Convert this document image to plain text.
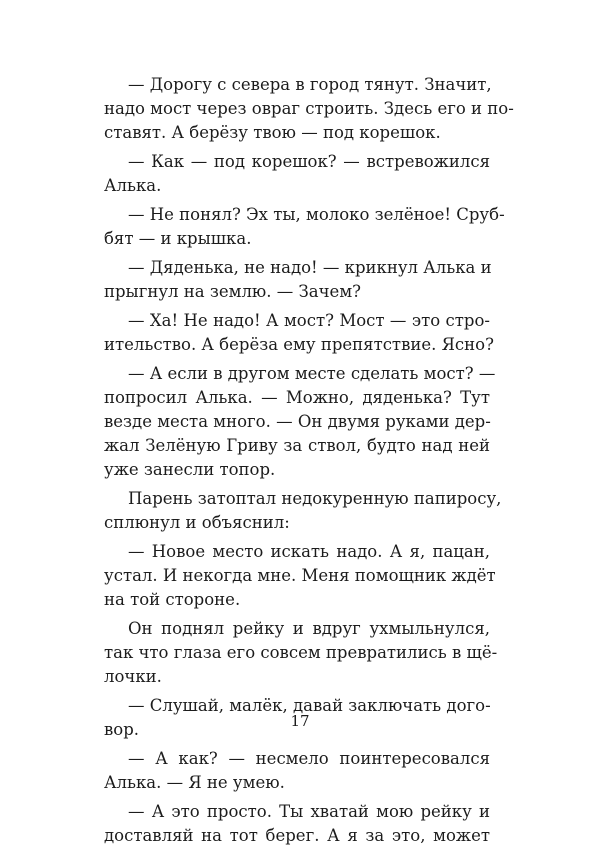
— Дорогу с севера в город тянут. Значит,
надо мост через овраг строить. Здесь его и по-
ставят. А берёзу твою — под корешок.
— Как — под корешок? — встревожился
Алька.
— Не понял? Эх ты, молоко зелёное! Сруб-
бят — и крышка.
— Дяденька, не надо! — крикнул Алька и
прыгнул на землю. — Зачем?
— Ха! Не надо! А мост? Мост — это стро-
ительство. А берёза ему препятствие. Ясно?
— А если в другом месте сделать мост? —
попросил Алька. — Можно, дяденька? Тут
везде места много. — Он двумя руками дер-
жал Зелёную Гриву за ствол, будто над ней
уже занесли топор.
Парень затоптал недокуренную папиросу,
сплюнул и объяснил:
— Новое место искать надо. А я, пацан,
устал. И некогда мне. Меня помощник ждёт
на той стороне.
Он поднял рейку и вдруг ухмыльнулся,
так что глаза его совсем превратились в щё-
лочки.
— Слушай, малёк, давай заключать дого-
вор.
— А как? — несмело поинтересовался
Алька. — Я не умею.
— А это просто. Ты хватай мою рейку и
доставляй на тот берег. А я за это, может
17
